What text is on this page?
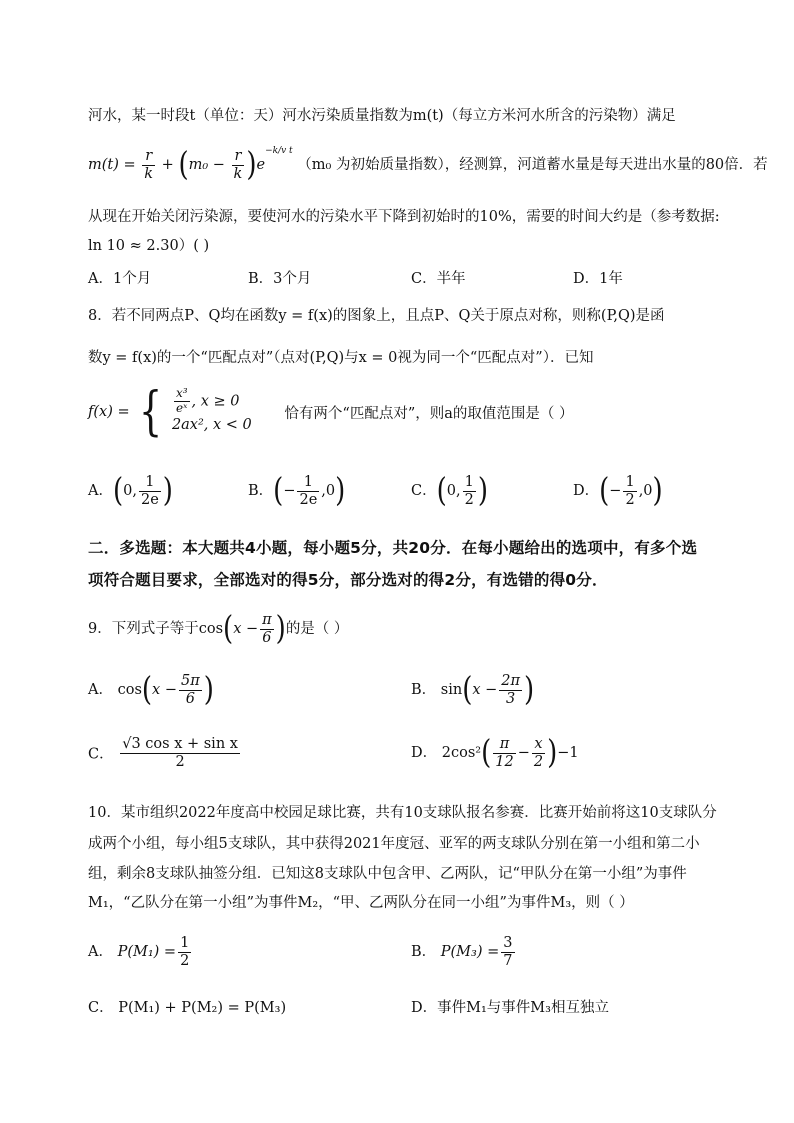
河水，某一时段t（单位：天）河水污染质量指数为m(t)（每立方米河水所含的污染物）满足
$m(t) = \frac{r}{k} + (m_0 - \frac{r}{k} )e^{-k/v t}$ （m₀ 为初始质量指数），经测算，河道蓄水量是每天进出水量的80倍．若
从现在开始关闭污染源，要使河水的污染水平下降到初始时的10%，需要的时间大约是（参考数据:
ln 10 ≈ 2.30）( )
A．1个月	B．3个月	C．半年	D．1年
8．若不同两点P、Q均在函数y = f(x)的图象上，且点P、Q关于原点对称，则称(P,Q)是函
数y = f(x)的一个“匹配点对”（点对(P,Q)与x = 0视为同一个“匹配点对”）．已知
f(x) = { $\frac{\text{x³}}{\text{eˣ}}$ , x ≥ 0
2ax², x < 0
恰有两个“匹配点对”，则a的取值范围是（ ）
A．(0, $\frac{1}{2e}$ )	B．(− $\frac{1}{2e} ,0$)	C．(0, $\frac{1}{2}$ )	D．(− $\frac{1}{2} ,0$)
二．多选题：本大题共4小题，每小题5分，共20分．在每小题给出的选项中，有多个选
项符合题目要求，全部选对的得5分，部分选对的得2分，有选错的得0分．
9．下列式子等于$\cos(x - \frac{\pi}{6}$ )的是（ ）
A． $\cos(x - \frac{5\pi}{6}$ )	B． $\sin(x - \frac{2\pi}{3}$ )
C． $\frac{\text{√3 cos x + sin x}}{2}$	D． $2\cos^2( \frac{\pi}{12} - \frac{x}{2} )-1$
10．某市组织2022年度高中校园足球比赛，共有10支球队报名参赛．比赛开始前将这10支球队分
成两个小组，每小组5支球队，其中获得2021年度冠、亚军的两支球队分别在第一小组和第二小
组，剩余8支球队抽签分组．已知这8支球队中包含甲、乙两队，记“甲队分在第一小组”为事件
M₁，“乙队分在第一小组”为事件M₂，“甲、乙两队分在同一小组”为事件M₃，则（ ）
A． $P(M_1) = \frac{1}{2}$	B． $P(M_3) = \frac{3}{7}$
C． P(M₁) + P(M₂) = P(M₃)	D．事件M₁与事件M₃相互独立
